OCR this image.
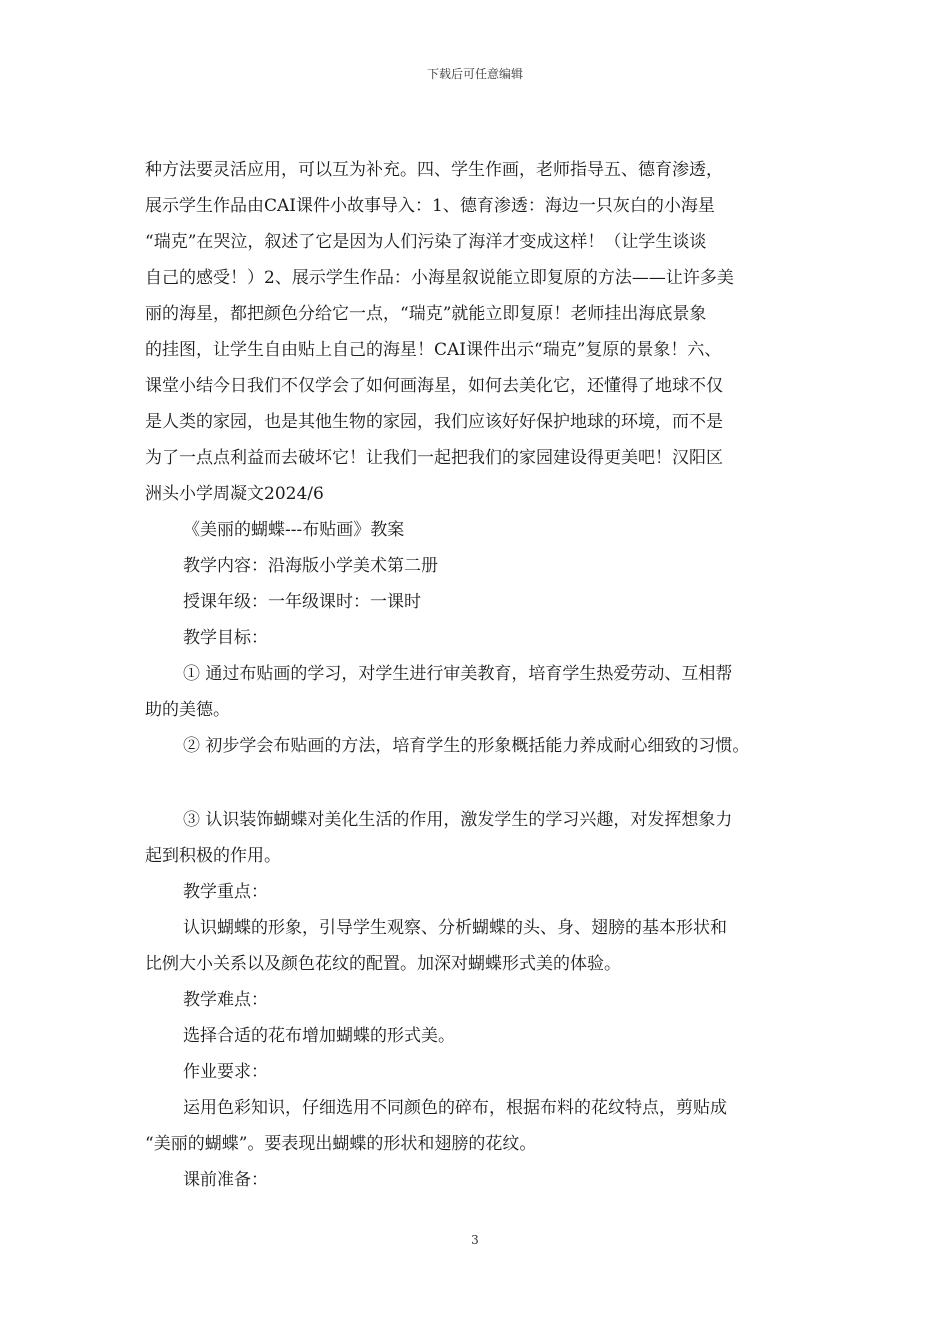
下载后可任意编辑
种方法要灵活应用，可以互为补充。四、学生作画，老师指导五、德育渗透，
展示学生作品由CAI课件小故事导入：1、德育渗透：海边一只灰白的小海星
“瑞克”在哭泣，叙述了它是因为人们污染了海洋才变成这样！（让学生谈谈
自己的感受！）2、展示学生作品：小海星叙说能立即复原的方法——让许多美
丽的海星，都把颜色分给它一点，“瑞克”就能立即复原！老师挂出海底景象
的挂图，让学生自由贴上自己的海星！CAI课件出示“瑞克”复原的景象！六、
课堂小结今日我们不仅学会了如何画海星，如何去美化它，还懂得了地球不仅
是人类的家园，也是其他生物的家园，我们应该好好保护地球的环境，而不是
为了一点点利益而去破坏它！让我们一起把我们的家园建设得更美吧！汉阳区
洲头小学周凝文2024/6
《美丽的蝴蝶---布贴画》教案
教学内容：沿海版小学美术第二册
授课年级：一年级课时：一课时
教学目标：
① 通过布贴画的学习，对学生进行审美教育，培育学生热爱劳动、互相帮
助的美德。
② 初步学会布贴画的方法，培育学生的形象概括能力养成耐心细致的习惯。
③ 认识装饰蝴蝶对美化生活的作用，激发学生的学习兴趣，对发挥想象力
起到积极的作用。
教学重点：
认识蝴蝶的形象，引导学生观察、分析蝴蝶的头、身、翅膀的基本形状和
比例大小关系以及颜色花纹的配置。加深对蝴蝶形式美的体验。
教学难点：
选择合适的花布增加蝴蝶的形式美。
作业要求：
运用色彩知识，仔细选用不同颜色的碎布，根据布料的花纹特点，剪贴成
“美丽的蝴蝶”。要表现出蝴蝶的形状和翅膀的花纹。
课前准备：
3
